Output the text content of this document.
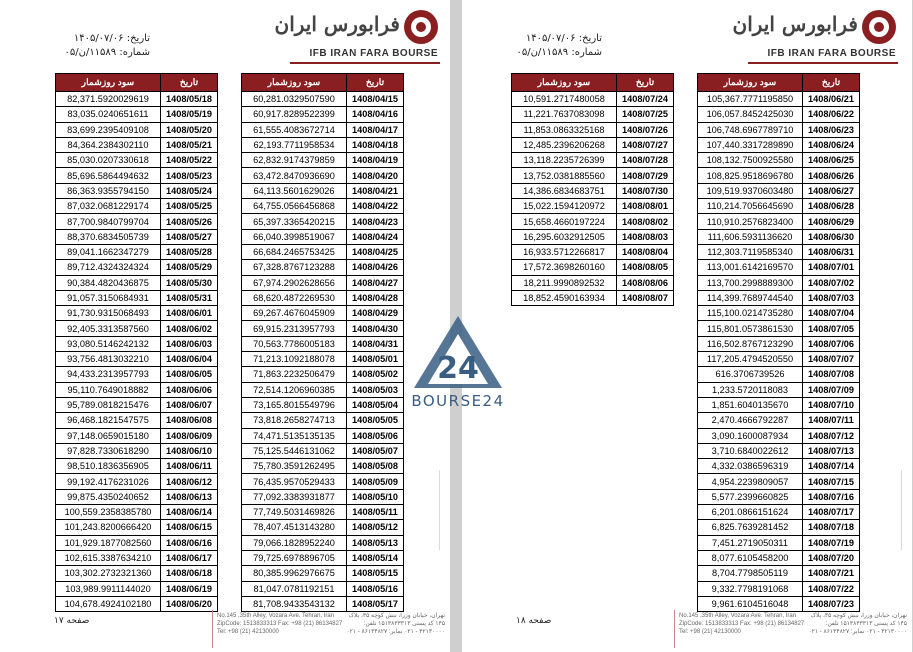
تاریخ: ۱۴۰۵/۰۷/۰۶
شماره: ۱۱۵۸۹/ن/۰۵
فرابورس ایران
IFB IRAN FARA BOURSE
سود روزشمار	تاریخ
82,371.5920029619	1408/05/18
83,035.0240651611	1408/05/19
83,699.2395409108	1408/05/20
84,364.2384302110	1408/05/21
85,030.0207330618	1408/05/22
85,696.5864494632	1408/05/23
86,363.9355794150	1408/05/24
87,032.0681229174	1408/05/25
87,700.9840799704	1408/05/26
88,370.6834505739	1408/05/27
89,041.1662347279	1408/05/28
89,712.4324324324	1408/05/29
90,384.4820436875	1408/05/30
91,057.3150684931	1408/05/31
91,730.9315068493	1408/06/01
92,405.3313587560	1408/06/02
93,080.5146242132	1408/06/03
93,756.4813032210	1408/06/04
94,433.2313957793	1408/06/05
95,110.7649018882	1408/06/06
95,789.0818215476	1408/06/07
96,468.1821547575	1408/06/08
97,148.0659015180	1408/06/09
97,828.7330618290	1408/06/10
98,510.1836356905	1408/06/11
99,192.4176231026	1408/06/12
99,875.4350240652	1408/06/13
100,559.2358385780	1408/06/14
101,243.8200666420	1408/06/15
101,929.1877082560	1408/06/16
102,615.3387634210	1408/06/17
103,302.2732321360	1408/06/18
103,989.9911144020	1408/06/19
104,678.4924102180	1408/06/20
سود روزشمار	تاریخ
60,281.0329507590	1408/04/15
60,917.8289522399	1408/04/16
61,555.4083672714	1408/04/17
62,193.7711958534	1408/04/18
62,832.9174379859	1408/04/19
63,472.8470936690	1408/04/20
64,113.5601629026	1408/04/21
64,755.0566456868	1408/04/22
65,397.3365420215	1408/04/23
66,040.3998519067	1408/04/24
66,684.2465753425	1408/04/25
67,328.8767123288	1408/04/26
67,974.2902628656	1408/04/27
68,620.4872269530	1408/04/28
69,267.4676045909	1408/04/29
69,915.2313957793	1408/04/30
70,563.7786005183	1408/04/31
71,213.1092188078	1408/05/01
71,863.2232506479	1408/05/02
72,514.1206960385	1408/05/03
73,165.8015549796	1408/05/04
73,818.2658274713	1408/05/05
74,471.5135135135	1408/05/06
75,125.5446131062	1408/05/07
75,780.3591262495	1408/05/08
76,435.9570529433	1408/05/09
77,092.3383931877	1408/05/10
77,749.5031469826	1408/05/11
78,407.4513143280	1408/05/12
79,066.1828952240	1408/05/13
79,725.6978896705	1408/05/14
80,385.9962976675	1408/05/15
81,047.0781192151	1408/05/16
81,708.9433543132	1408/05/17
صفحه ۱۷	No.145 ,35th Alley, Vozara Ave. Tehran, Iran ZipCode: 1513833313 Fax: +98 (21) 86134827 Tel: +98 (21) 42130000
تهران، خیابان وزرا، نبش کوچه ۳۵، پلاک ۱۴۵ کد پستی ۱۵۱۳۸۳۳۳۱۳ تلفن: ۴۲۱۳۰۰۰۰ - ۰۲۱ نمابر: ۸۶۱۳۴۸۲۷ - ۰۲۱
تاریخ: ۱۴۰۵/۰۷/۰۶
شماره: ۱۱۵۸۹/ن/۰۵
فرابورس ایران
IFB IRAN FARA BOURSE
سود روزشمار	تاریخ
10,591.2717480058	1408/07/24
11,221.7637083098	1408/07/25
11,853.0863325168	1408/07/26
12,485.2396206268	1408/07/27
13,118.2235726399	1408/07/28
13,752.0381885560	1408/07/29
14,386.6834683751	1408/07/30
15,022.1594120972	1408/08/01
15,658.4660197224	1408/08/02
16,295.6032912505	1408/08/03
16,933.5712266817	1408/08/04
17,572.3698260160	1408/08/05
18,211.9990892532	1408/08/06
18,852.4590163934	1408/08/07
سود روزشمار	تاریخ
105,367.7771195850	1408/06/21
106,057.8452425030	1408/06/22
106,748.6967789710	1408/06/23
107,440.3317289890	1408/06/24
108,132.7500925580	1408/06/25
108,825.9518696780	1408/06/26
109,519.9370603480	1408/06/27
110,214.7056645690	1408/06/28
110,910.2576823400	1408/06/29
111,606.5931136620	1408/06/30
112,303.7119585340	1408/06/31
113,001.6142169570	1408/07/01
113,700.2998889300	1408/07/02
114,399.7689744540	1408/07/03
115,100.0214735280	1408/07/04
115,801.0573861530	1408/07/05
116,502.8767123290	1408/07/06
117,205.4794520550	1408/07/07
616.3706739526	1408/07/08
1,233.5720118083	1408/07/09
1,851.6040135670	1408/07/10
2,470.4666792287	1408/07/11
3,090.1600087934	1408/07/12
3,710.6840022612	1408/07/13
4,332.0386596319	1408/07/14
4,954.2239809057	1408/07/15
5,577.2399660825	1408/07/16
6,201.0866151624	1408/07/17
6,825.7639281452	1408/07/18
7,451.2719050311	1408/07/19
8,077.6105458200	1408/07/20
8,704.7798505119	1408/07/21
9,332.7798191068	1408/07/22
9,961.6104516048	1408/07/23
صفحه ۱۸	No.145 ,35th Alley, Vozara Ave. Tehran, Iran ZipCode: 1513833313 Fax: +98 (21) 86134827 Tel: +98 (21) 42130000
تهران، خیابان وزرا، نبش کوچه ۳۵، پلاک ۱۴۵ کد پستی ۱۵۱۳۸۳۳۳۱۳ تلفن: ۴۲۱۳۰۰۰۰ - ۰۲۱ نمابر: ۸۶۱۳۴۸۲۷ - ۰۲۱
24
BOURSE24
